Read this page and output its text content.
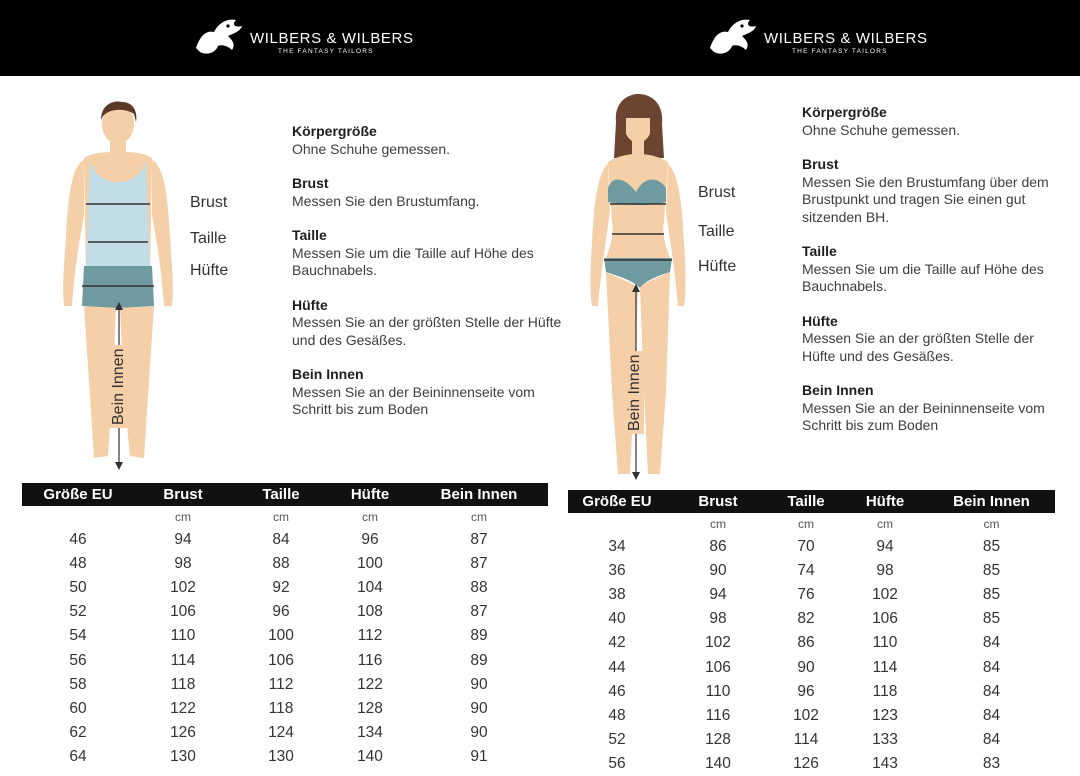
WILBERS & WILBERS
THE FANTASY TAILORS
WILBERS & WILBERS
THE FANTASY TAILORS
Brust
Taille
Hüfte
Bein Innen
Körpergröße
Ohne Schuhe gemessen.
Brust
Messen Sie den Brustumfang.
Taille
Messen Sie um die Taille auf Höhe des Bauchnabels.
Hüfte
Messen Sie an der größten Stelle der Hüfte und des Gesäßes.
Bein Innen
Messen Sie an der Beininnenseite vom Schritt bis zum Boden
Brust
Taille
Hüfte
Bein Innen
Körpergröße
Ohne Schuhe gemessen.
Brust
Messen Sie den Brustumfang über dem Brustpunkt und tragen Sie einen gut sitzenden BH.
Taille
Messen Sie um die Taille auf Höhe des Bauchnabels.
Hüfte
Messen Sie an der größten Stelle der Hüfte und des Gesäßes.
Bein Innen
Messen Sie an der Beininnenseite vom Schritt bis zum Boden
Größe EU	Brust	Taille	Hüfte	Bein Innen
	cm	cm	cm	cm
46	94	84	96	87
48	98	88	100	87
50	102	92	104	88
52	106	96	108	87
54	110	100	112	89
56	114	106	116	89
58	118	112	122	90
60	122	118	128	90
62	126	124	134	90
64	130	130	140	91
Größe EU	Brust	Taille	Hüfte	Bein Innen
	cm	cm	cm	cm
34	86	70	94	85
36	90	74	98	85
38	94	76	102	85
40	98	82	106	85
42	102	86	110	84
44	106	90	114	84
46	110	96	118	84
48	116	102	123	84
52	128	114	133	84
56	140	126	143	83
